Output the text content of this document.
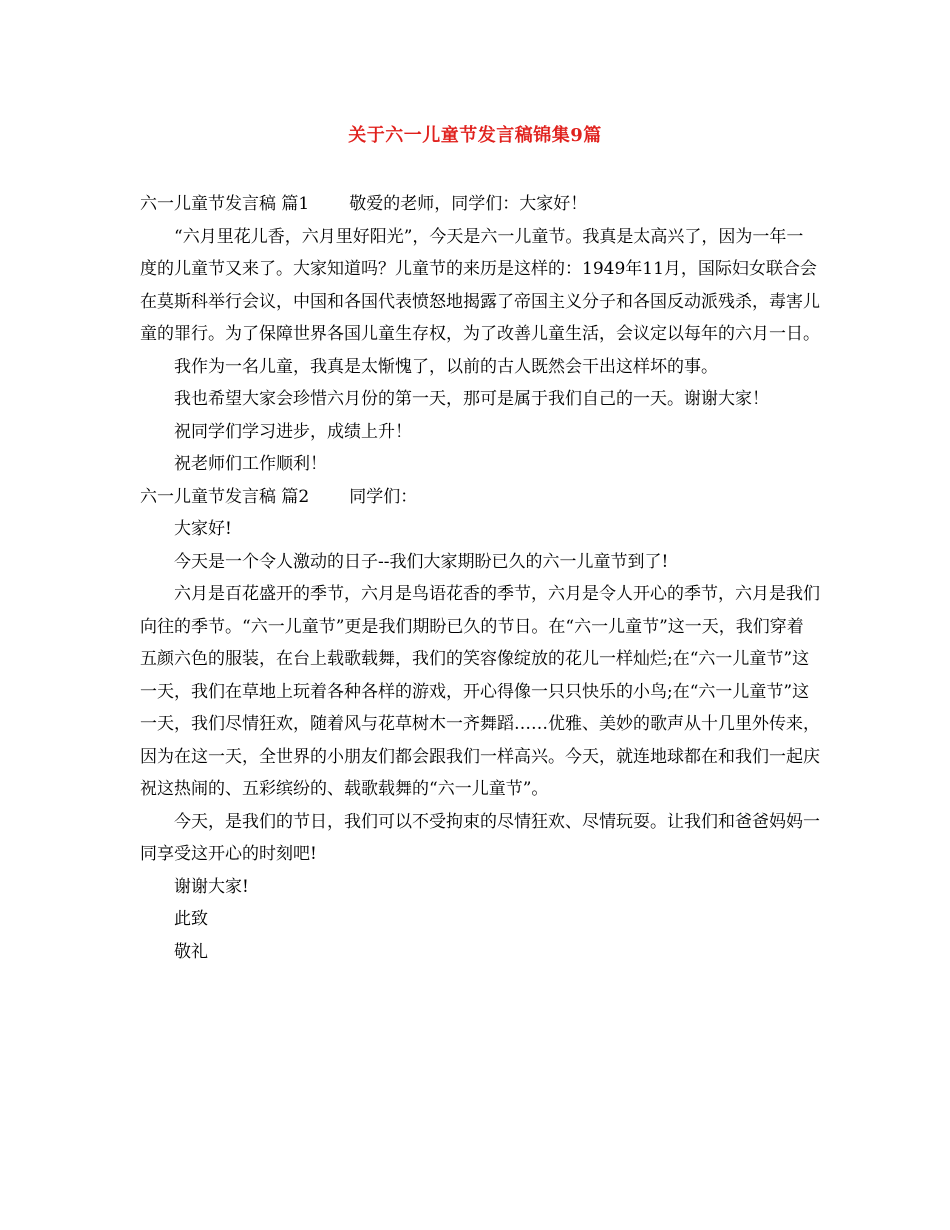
关于六一儿童节发言稿锦集9篇

六一儿童节发言稿 篇1 敬爱的老师，同学们：大家好！

“六月里花儿香，六月里好阳光”，今天是六一儿童节。我真是太高兴了，因为一年一度的儿童节又来了。大家知道吗？儿童节的来历是这样的：1949年11月，国际妇女联合会在莫斯科举行会议，中国和各国代表愤怒地揭露了帝国主义分子和各国反动派残杀，毒害儿童的罪行。为了保障世界各国儿童生存权，为了改善儿童生活，会议定以每年的六月一日。

我作为一名儿童，我真是太惭愧了，以前的古人既然会干出这样坏的事。

我也希望大家会珍惜六月份的第一天，那可是属于我们自己的一天。谢谢大家！

祝同学们学习进步，成绩上升！

祝老师们工作顺利！

六一儿童节发言稿 篇2 同学们：

大家好!

今天是一个令人激动的日子--我们大家期盼已久的六一儿童节到了!

六月是百花盛开的季节，六月是鸟语花香的季节，六月是令人开心的季节，六月是我们向往的季节。“六一儿童节”更是我们期盼已久的节日。在“六一儿童节”这一天，我们穿着五颜六色的服装，在台上载歌载舞，我们的笑容像绽放的花儿一样灿烂;在“六一儿童节”这一天，我们在草地上玩着各种各样的游戏，开心得像一只只快乐的小鸟;在“六一儿童节”这一天，我们尽情狂欢，随着风与花草树木一齐舞蹈……优雅、美妙的歌声从十几里外传来，因为在这一天，全世界的小朋友们都会跟我们一样高兴。今天，就连地球都在和我们一起庆祝这热闹的、五彩缤纷的、载歌载舞的“六一儿童节”。

今天，是我们的节日，我们可以不受拘束的尽情狂欢、尽情玩耍。让我们和爸爸妈妈一同享受这开心的时刻吧!

谢谢大家!

此致

敬礼
